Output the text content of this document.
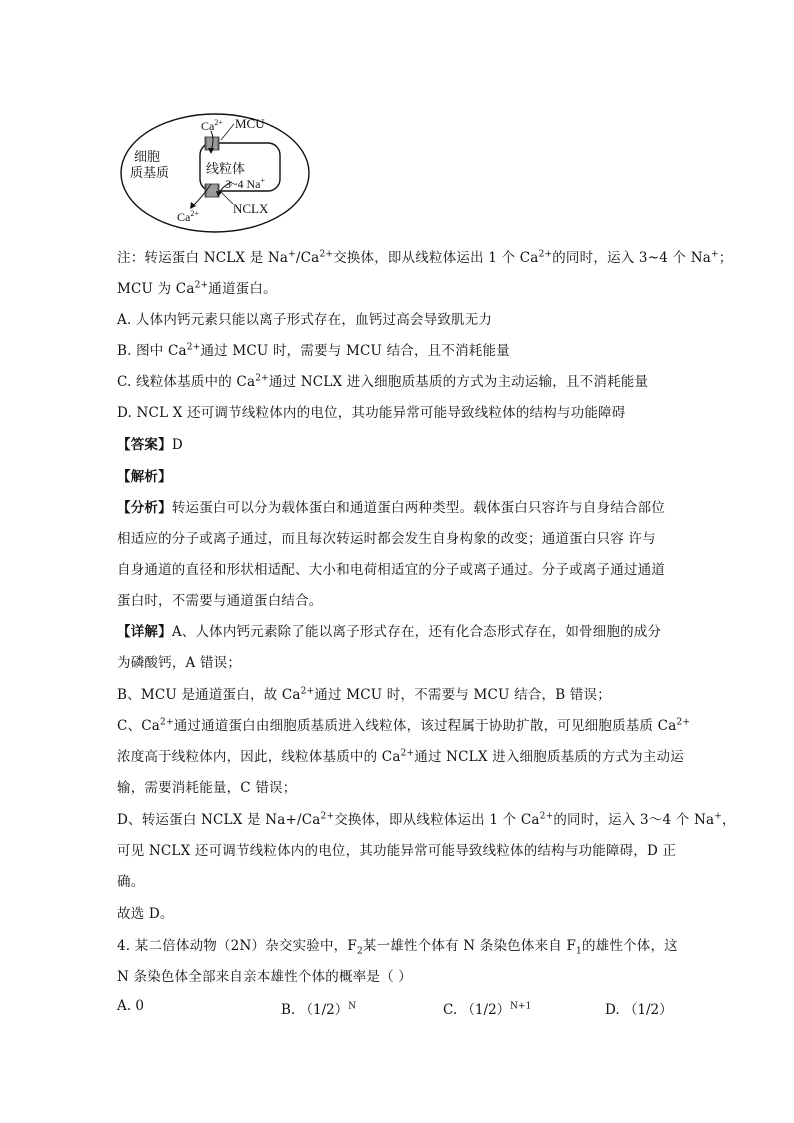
细胞
质基质	线粒体
$Ca^{2+}$ MCU
3~4 Na+
NCLX
$Ca^{2+}$
注：转运蛋白 NCLX 是 $Na^+/Ca^{2+}$交换体，即从线粒体运出 1 个 $Ca^{2+}$的同时，运入 3~4 个 Na+；
MCU 为 $Ca^{2+}$通道蛋白。
A. 人体内钙元素只能以离子形式存在，血钙过高会导致肌无力
B. 图中 $Ca^{2+}$通过 MCU 时，需要与 MCU 结合，且不消耗能量
C. 线粒体基质中的 $Ca^{2+}$通过 NCLX 进入细胞质基质的方式为主动运输，且不消耗能量
D. NCL X 还可调节线粒体内的电位，其功能异常可能导致线粒体的结构与功能障碍
【答案】D
【解析】
【分析】转运蛋白可以分为载体蛋白和通道蛋白两种类型。载体蛋白只容许与自身结合部位
相适应的分子或离子通过，而且每次转运时都会发生自身构象的改变；通道蛋白只容 许与
自身通道的直径和形状相适配、大小和电荷相适宜的分子或离子通过。分子或离子通过通道
蛋白时，不需要与通道蛋白结合。
【详解】A、人体内钙元素除了能以离子形式存在，还有化合态形式存在，如骨细胞的成分
为磷酸钙，A 错误；
B、MCU 是通道蛋白，故 $Ca^{2+}$通过 MCU 时，不需要与 MCU 结合，B 错误；
C、$Ca^{2+}$通过通道蛋白由细胞质基质进入线粒体，该过程属于协助扩散，可见细胞质基质 $Ca^{2+}$
浓度高于线粒体内，因此，线粒体基质中的 $Ca^{2+}$通过 NCLX 进入细胞质基质的方式为主动运
输，需要消耗能量，C 错误；
D、转运蛋白 NCLX 是 $Na+/Ca^{2+}$交换体，即从线粒体运出 1 个 $Ca^{2+}$的同时，运入 3～4 个 Na+，
可见 NCLX 还可调节线粒体内的电位，其功能异常可能导致线粒体的结构与功能障碍，D 正
确。
故选 D。
4. 某二倍体动物（2N）杂交实验中，$F_2$某一雄性个体有 N 条染色体来自 $F_1$的雄性个体，这
N 条染色体全部来自亲本雄性个体的概率是（ ）
A. 0	B. $(1/2)^N$	C. $(1/2)^{N+1}$	D. （1/2）
